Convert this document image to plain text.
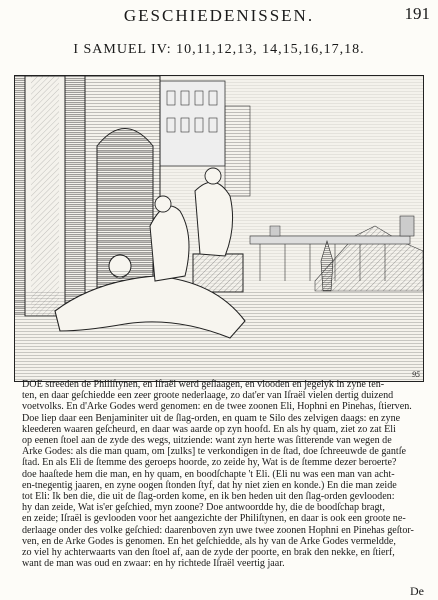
GESCHIEDENISSEN.	191
I SAMUEL IV: 10,11,12,13, 14,15,16,17,18.
95
DOE streeden de Philiſtynen, en Iſraël werd geſlaagen, en vlooden en jegelyk in zyne ten-
ten, en daar geſchiedde een zeer groote nederlaage, zo dat'er van Iſraël vielen dertig duizend
voetvolks. En d'Arke Godes werd genomen: en de twee zoonen Eli, Hophni en Pinehas, ſtierven.
Doe liep daar een Benjaminiter uit de ſlag-orden, en quam te Silo des zelvigen daags: en zyne
kleederen waaren geſcheurd, en daar was aarde op zyn hoofd. En als hy quam, ziet zo zat Eli
op eenen ſtoel aan de zyde des wegs, uitziende: want zyn herte was ſitterende van wegen de
Arke Godes: als die man quam, om [zulks] te verkondigen in de ſtad, doe ſchreeuwde de gantſe
ſtad. En als Eli de ſtemme des geroeps hoorde, zo zeide hy, Wat is de ſtemme dezer beroerte?
doe haaſtede hem die man, en hy quam, en boodſchapte 't Eli. (Eli nu was een man van acht-
en-tnegentig jaaren, en zyne oogen ſtonden ſtyf, dat hy niet zien en konde.) En die man zeide
tot Eli: Ik ben die, die uit de ſlag-orden kome, en ik ben heden uit den ſlag-orden gevlooden:
hy dan zeide, Wat is'er geſchied, myn zoone? Doe antwoordde hy, die de boodſchap bragt,
en zeide; Iſraël is gevlooden voor het aangezichte der Philiſtynen, en daar is ook een groote ne-
derlaage onder des volke geſchied: daarenboven zyn uwe twee zoonen Hophni en Pinehas geſtor-
ven, en de Arke Godes is genomen. En het geſchiedde, als hy van de Arke Godes vermeldde,
zo viel hy achterwaarts van den ſtoel af, aan de zyde der poorte, en brak den nekke, en ſtierf,
want de man was oud en zwaar: en hy richtede Iſraël veertig jaar.
De
